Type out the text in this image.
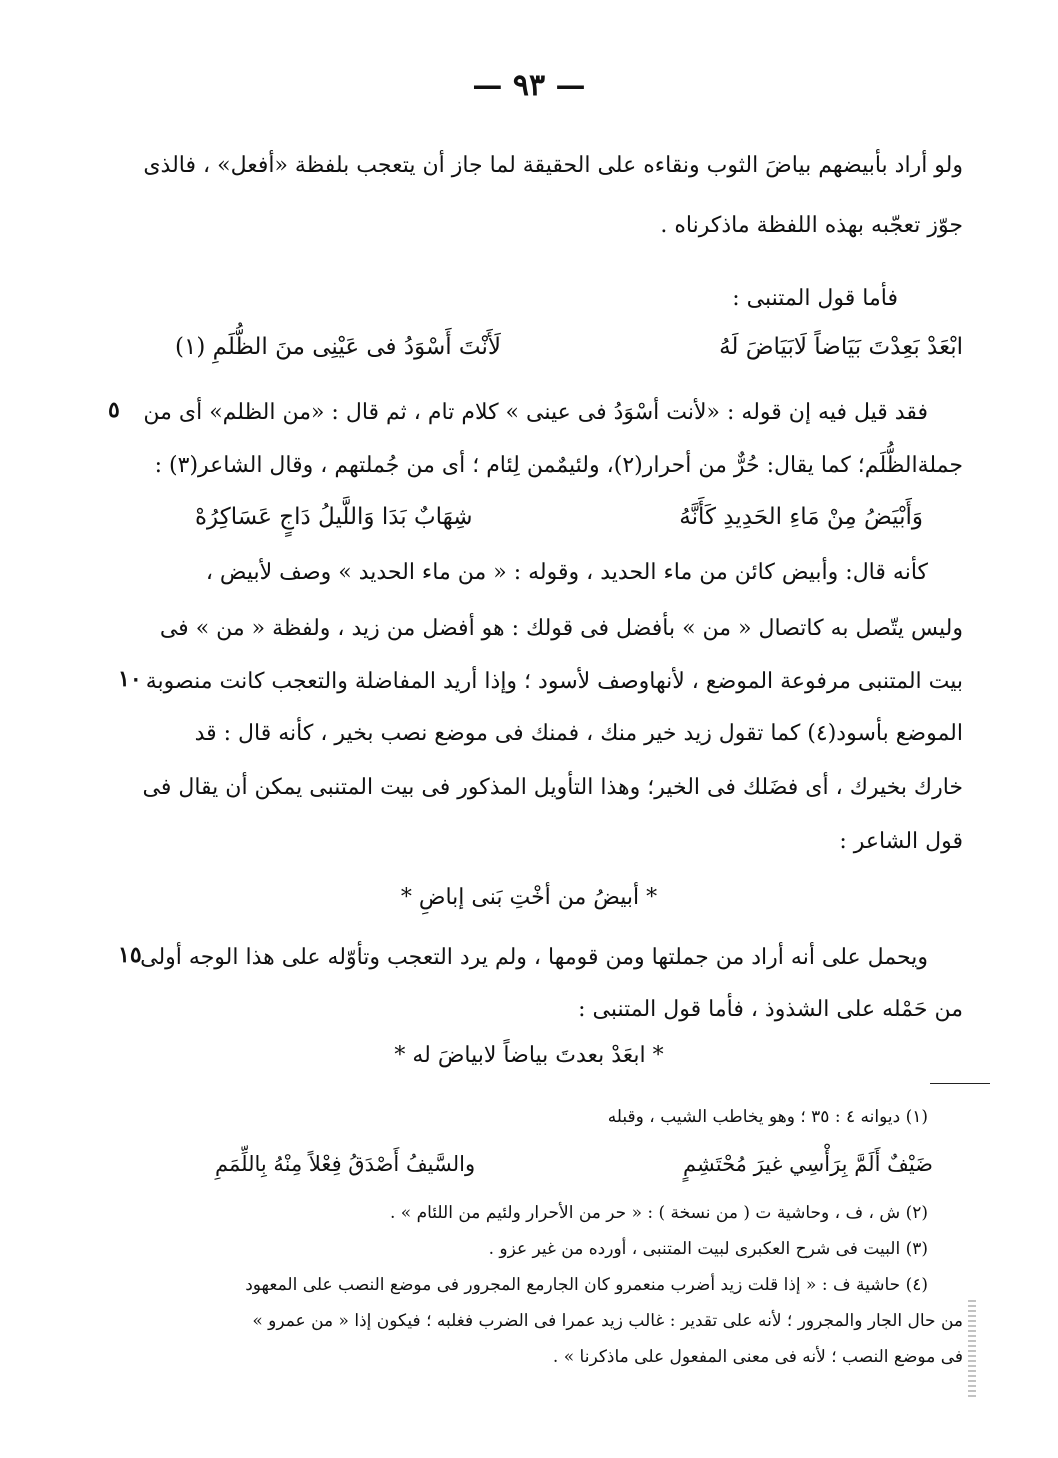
— ٩٣ —
ولو أراد بأبيضهم بياضَ الثوب ونقاءه على الحقيقة لما جاز أن يتعجب بلفظة «أفعل» ، فالذى
جوّز تعجّبه بهذه اللفظة ماذكرناه .
فأما قول المتنبى :
ابْعَدْ بَعِدْتَ بَيَاضاً لَابَيَاضَ لَهُ
لَأَنْتَ أَسْوَدُ فى عَيْنِى منَ الظُّلَمِ (١)
فقد قيل فيه إن قوله : «لأنت أسْوَدُ فى عينى » كلام تام ، ثم قال : «من الظلم» أى من
٥
جملةالظُّلَم؛ كما يقال: حُرٌّ من أحرار(٢)، ولئيمٌمن لِئام ؛ أى من جُملتهم ، وقال الشاعر(٣) :
وَأَبْيَضُ مِنْ مَاءِ الحَدِيدِ كَأَنَّهُ
شِهَابٌ بَدَا وَاللَّيلُ دَاجٍ عَسَاكِرُهْ
كأنه قال: وأبيض كائن من ماء الحديد ، وقوله : « من ماء الحديد » وصف لأبيض ،
وليس يتّصل به كاتصال « من » بأفضل فى قولك : هو أفضل من زيد ، ولفظة « من » فى
بيت المتنبى مرفوعة الموضع ، لأنهاوصف لأسود ؛ وإذا أريد المفاضلة والتعجب كانت منصوبة
١٠
الموضع بأسود(٤) كما تقول زيد خير منك ، فمنك فى موضع نصب بخير ، كأنه قال : قد
خارك بخيرك ، أى فضَلك فى الخير؛ وهذا التأويل المذكور فى بيت المتنبى يمكن أن يقال فى
قول الشاعر :
* أبيضُ من أخْتِ بَنى إباضِ *
ويحمل على أنه أراد من جملتها ومن قومها ، ولم يرد التعجب وتأوّله على هذا الوجه أولى
١٥
من حَمْله على الشذوذ ، فأما قول المتنبى :
* ابعَدْ بعدتَ بياضاً لابياضَ له *
(١) ديوانه ٤ : ٣٥ ؛ وهو يخاطب الشيب ، وقبله
ضَيْفٌ أَلَمَّ بِرَأْسِي غيرَ مُحْتَشِمٍ
والسَّيفُ أَصْدَقُ فِعْلاً مِنْهُ بِاللِّمَمِ
(٢) ش ، ف ، وحاشية ت ( من نسخة ) : « حر من الأحرار ولئيم من اللئام » .
(٣) البيت فى شرح العكبرى لبيت المتنبى ، أورده من غير عزو .
(٤) حاشية ف : « إذا قلت زيد أضرب منعمرو كان الجارمع المجرور فى موضع النصب على المعهود
من حال الجار والمجرور ؛ لأنه على تقدير : غالب زيد عمرا فى الضرب فغلبه ؛ فيكون إذا « من عمرو »
فى موضع النصب ؛ لأنه فى معنى المفعول على ماذكرنا » .
